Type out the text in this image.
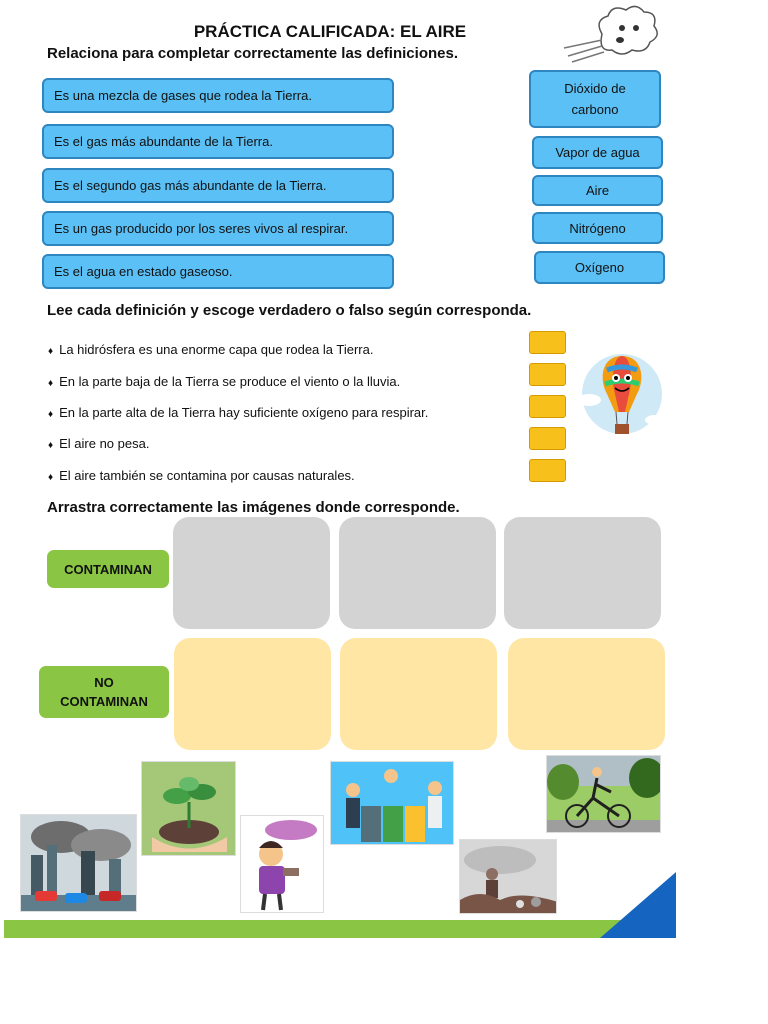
PRÁCTICA CALIFICADA: EL AIRE
Relaciona para completar correctamente las definiciones.
Es una mezcla de gases que rodea la Tierra.
Es el gas más abundante de la Tierra.
Es el segundo gas más abundante de la Tierra.
Es un gas producido por los seres vivos al respirar.
Es el agua en estado gaseoso.
Dióxido de carbono
Vapor de agua
Aire
Nitrógeno
Oxígeno
Lee cada definición y escoge verdadero o falso según corresponda.
♦ La hidrósfera es una enorme capa que rodea la Tierra.
♦ En la parte baja de la Tierra se produce el viento o la lluvia.
♦ En la parte alta de la Tierra hay suficiente oxígeno para respirar.
♦ El aire no pesa.
♦ El aire también se contamina por causas naturales.
Arrastra correctamente las imágenes donde corresponde.
CONTAMINAN
NO CONTAMINAN
